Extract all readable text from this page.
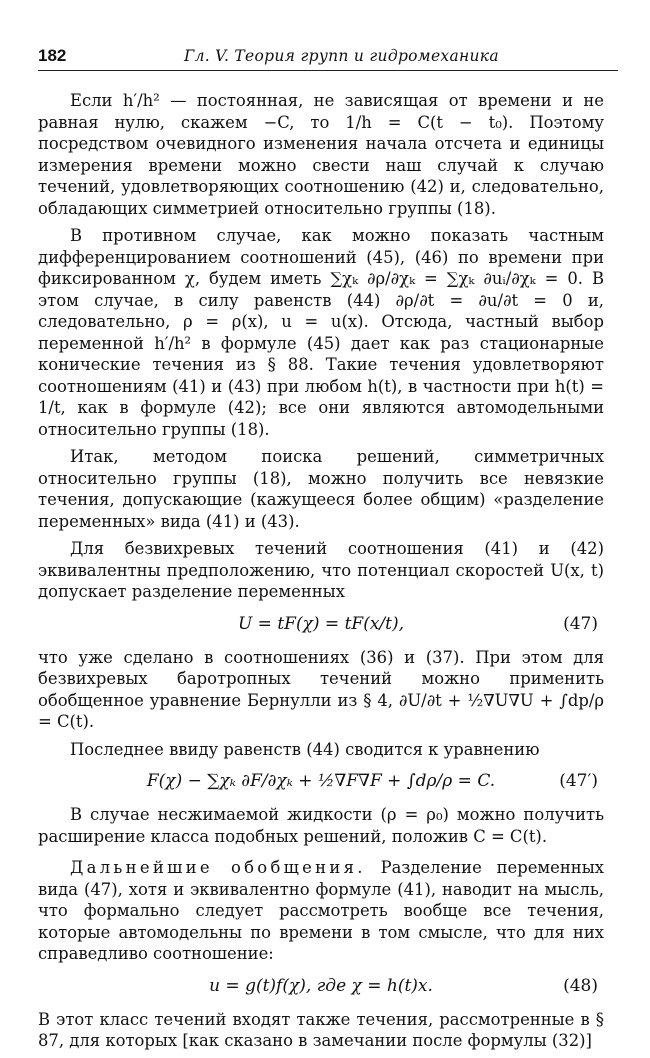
182	Гл. V. Теория групп и гидромеханика

Если h′/h² — постоянная, не зависящая от времени и не равная нулю, скажем −C, то 1/h = C(t − t₀). Поэтому посредством очевидного изменения начала отсчета и единицы измерения времени можно свести наш случай к случаю течений, удовлетворяющих соотношению (42) и, следовательно, обладающих симметрией относительно группы (18).

В противном случае, как можно показать частным дифференцированием соотношений (45), (46) по времени при фиксированном χ, будем иметь ∑χₖ ∂ρ/∂χₖ = ∑χₖ ∂uᵢ/∂χₖ = 0. В этом случае, в силу равенств (44) ∂ρ/∂t = ∂u/∂t = 0 и, следовательно, ρ = ρ(x), u = u(x). Отсюда, частный выбор переменной h′/h² в формуле (45) дает как раз стационарные коническиe течения из § 88. Такие течения удовлетворяют соотношениям (41) и (43) при любом h(t), в частности при h(t) = 1/t, как в формуле (42); все они являются автомодельными относительно группы (18).

Итак, методом поиска решений, симметричных относительно группы (18), можно получить все невязкие течения, допускающие (кажущееся более общим) «разделение переменных» вида (41) и (43).

Для безвихревых течений соотношения (41) и (42) эквивалентны предположению, что потенциал скоростей U(x, t) допускает разделение переменных

U = tF(χ) = tF(x/t),	(47)

что уже сделано в соотношениях (36) и (37). При этом для безвихревых баротропных течений можно применить обобщенное уравнение Бернулли из § 4, ∂U/∂t + ½∇U∇U + ∫dp/ρ = C(t).

Последнее ввиду равенств (44) сводится к уравнению

F(χ) − ∑χₖ ∂F/∂χₖ + ½∇F∇F + ∫dρ/ρ = C.	(47′)

В случае несжимаемой жидкости (ρ = ρ₀) можно получить расширение класса подобных решений, положив C = C(t).

Дальнейшие обобщения. Разделение переменных вида (47), хотя и эквивалентно формуле (41), наводит на мысль, что формально следует рассмотреть вообще все течения, которые автомодельны по времени в том смысле, что для них справедливо соотношение:

u = g(t)f(χ), где χ = h(t)x.	(48)

В этот класс течений входят также течения, рассмотренные в § 87, для которых [как сказано в замечании после формулы (32)]
